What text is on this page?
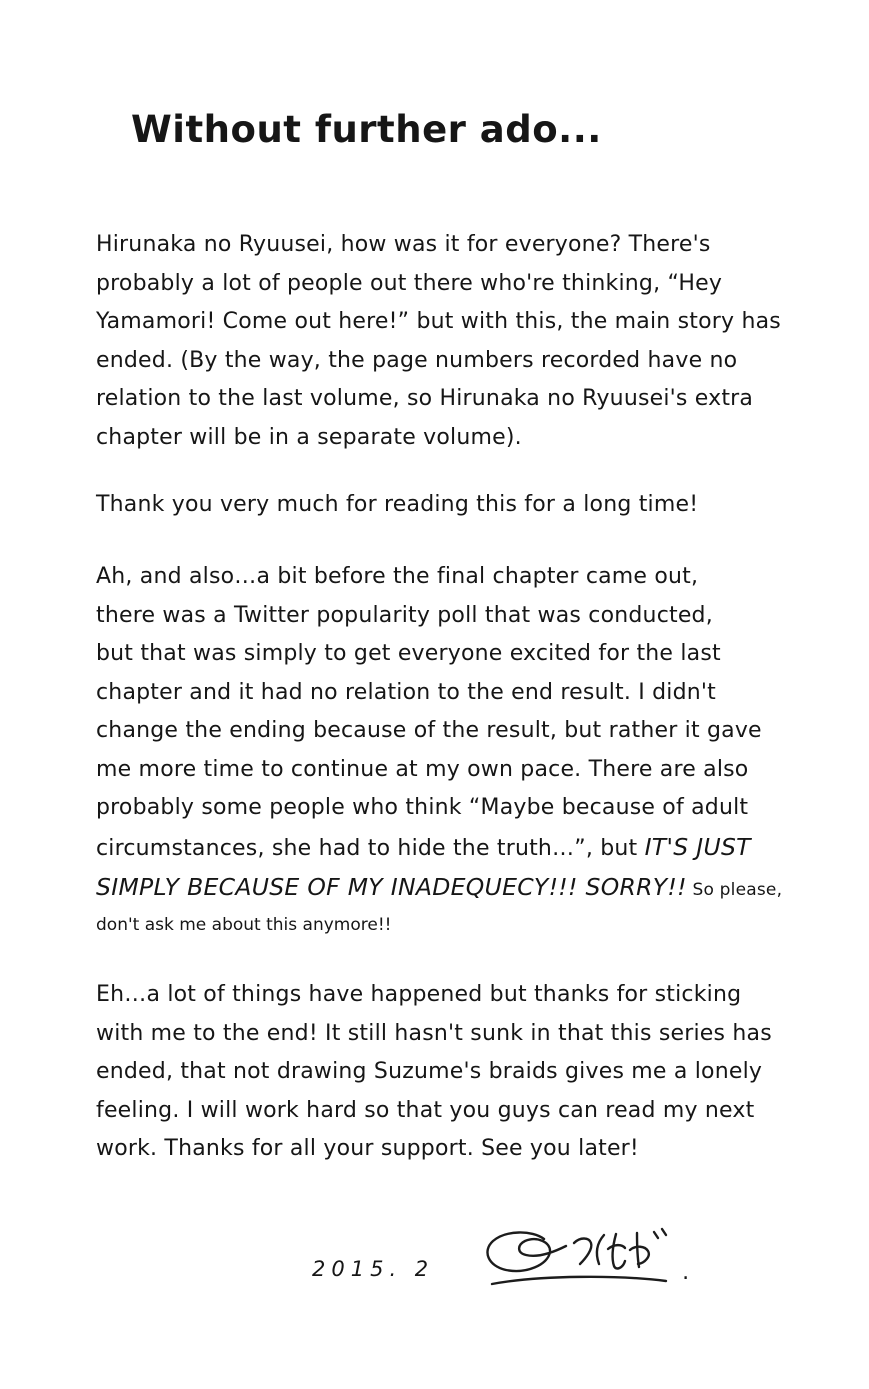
Without further ado...
Hirunaka no Ryuusei, how was it for everyone? There's
probably a lot of people out there who're thinking, “Hey
Yamamori! Come out here!” but with this, the main story has
ended. (By the way, the page numbers recorded have no
relation to the last volume, so Hirunaka no Ryuusei's extra
chapter will be in a separate volume).
Thank you very much for reading this for a long time!
Ah, and also…a bit before the final chapter came out,
there was a Twitter popularity poll that was conducted,
but that was simply to get everyone excited for the last
chapter and it had no relation to the end result. I didn't
change the ending because of the result, but rather it gave
me more time to continue at my own pace. There are also
probably some people who think “Maybe because of adult
circumstances, she had to hide the truth…”, but IT'S JUST
SIMPLY BECAUSE OF MY INADEQUECY!!! SORRY!! So please,
don't ask me about this anymore!!
Eh…a lot of things have happened but thanks for sticking
with me to the end! It still hasn't sunk in that this series has
ended, that not drawing Suzume's braids gives me a lonely
feeling. I will work hard so that you guys can read my next
work. Thanks for all your support. See you later!
2015. 2	.
